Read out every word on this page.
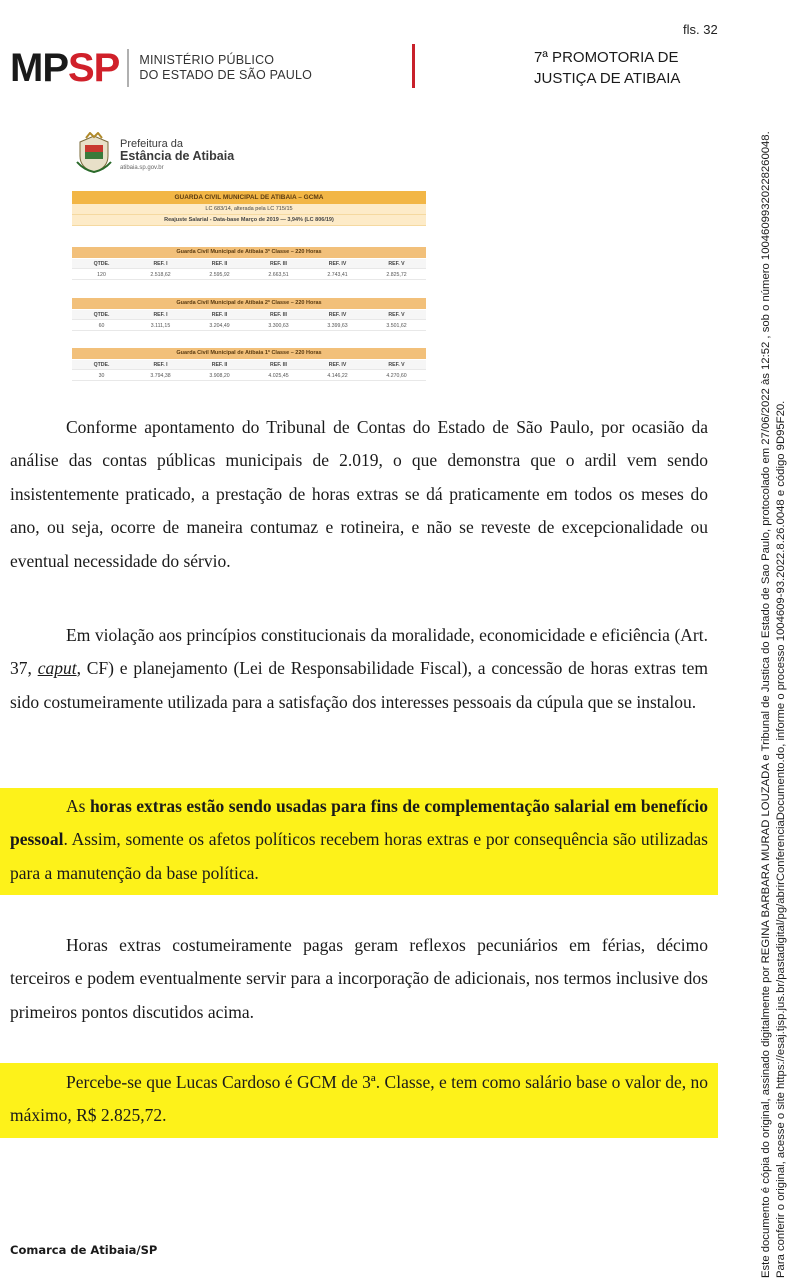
fls. 32
MPSP MINISTÉRIO PÚBLICO
DO ESTADO DE SÃO PAULO
7ª PROMOTORIA DE
JUSTIÇA DE ATIBAIA
Prefeitura da
Estância de Atibaia
atibaia.sp.gov.br
GUARDA CIVIL MUNICIPAL DE ATIBAIA – GCMA
LC 683/14, alterada pela LC 715/15
Reajuste Salarial - Data-base Março de 2019 — 3,94% (LC 806/19)
Guarda Civil Municipal de Atibaia 3ª Classe – 220 Horas
QTDE.	REF. I	REF. II	REF. III	REF. IV	REF. V
120	2.518,62	2.595,92	2.663,51	2.743,41	2.825,72
Guarda Civil Municipal de Atibaia 2ª Classe – 220 Horas
QTDE.	REF. I	REF. II	REF. III	REF. IV	REF. V
60	3.111,15	3.204,49	3.300,63	3.399,63	3.501,62
Guarda Civil Municipal de Atibaia 1ª Classe – 220 Horas
QTDE.	REF. I	REF. II	REF. III	REF. IV	REF. V
30	3.794,38	3.908,20	4.025,45	4.146,22	4.270,60
Conforme apontamento do Tribunal de Contas do Estado de São Paulo, por ocasião da análise das contas públicas municipais de 2.019, o que demonstra que o ardil vem sendo insistentemente praticado, a prestação de horas extras se dá praticamente em todos os meses do ano, ou seja, ocorre de maneira contumaz e rotineira, e não se reveste de excepcionalidade ou eventual necessidade do sérvio.
Em violação aos princípios constitucionais da moralidade, economicidade e eficiência (Art. 37, caput, CF) e planejamento (Lei de Responsabilidade Fiscal), a concessão de horas extras tem sido costumeiramente utilizada para a satisfação dos interesses pessoais da cúpula que se instalou.
As horas extras estão sendo usadas para fins de complementação salarial em benefício pessoal. Assim, somente os afetos políticos recebem horas extras e por consequência são utilizadas para a manutenção da base política.
Horas extras costumeiramente pagas geram reflexos pecuniários em férias, décimo terceiros e podem eventualmente servir para a incorporação de adicionais, nos termos inclusive dos primeiros pontos discutidos acima.
Percebe-se que Lucas Cardoso é GCM de 3ª. Classe, e tem como salário base o valor de, no máximo, R$ 2.825,72.
Comarca de Atibaia/SP	Este documento é cópia do original, assinado digitalmente por REGINA BARBARA MURAD LOUZADA e Tribunal de Justica do Estado de Sao Paulo, protocolado em 27/06/2022 às 12:52 , sob o número 10046099320228260048. Para conferir o original, acesse o site https://esaj.tjsp.jus.br/pastadigital/pg/abrirConferenciaDocumento.do, informe o processo 1004609-93.2022.8.26.0048 e código 9D95F20.
